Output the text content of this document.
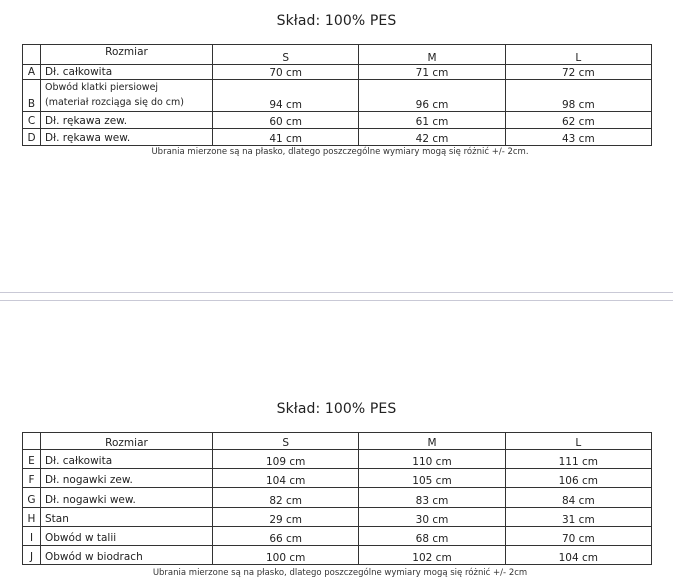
Skład: 100% PES
	Rozmiar	S	M	L
A	Dł. całkowita	70 cm	71 cm	72 cm
B	Obwód klatki piersiowej
(materiał rozciąga się do cm)	94 cm	96 cm	98 cm
C	Dł. rękawa zew.	60 cm	61 cm	62 cm
D	Dł. rękawa wew.	41 cm	42 cm	43 cm
Ubrania mierzone są na płasko, dlatego poszczególne wymiary mogą się różnić +/- 2cm.
Skład: 100% PES
	Rozmiar	S	M	L
E	Dł. całkowita	109 cm	110 cm	111 cm
F	Dł. nogawki zew.	104 cm	105 cm	106 cm
G	Dł. nogawki wew.	82 cm	83 cm	84 cm
H	Stan	29 cm	30 cm	31 cm
I	Obwód w talii	66 cm	68 cm	70 cm
J	Obwód w biodrach	100 cm	102 cm	104 cm
Ubrania mierzone są na płasko, dlatego poszczególne wymiary mogą się różnić +/- 2cm
